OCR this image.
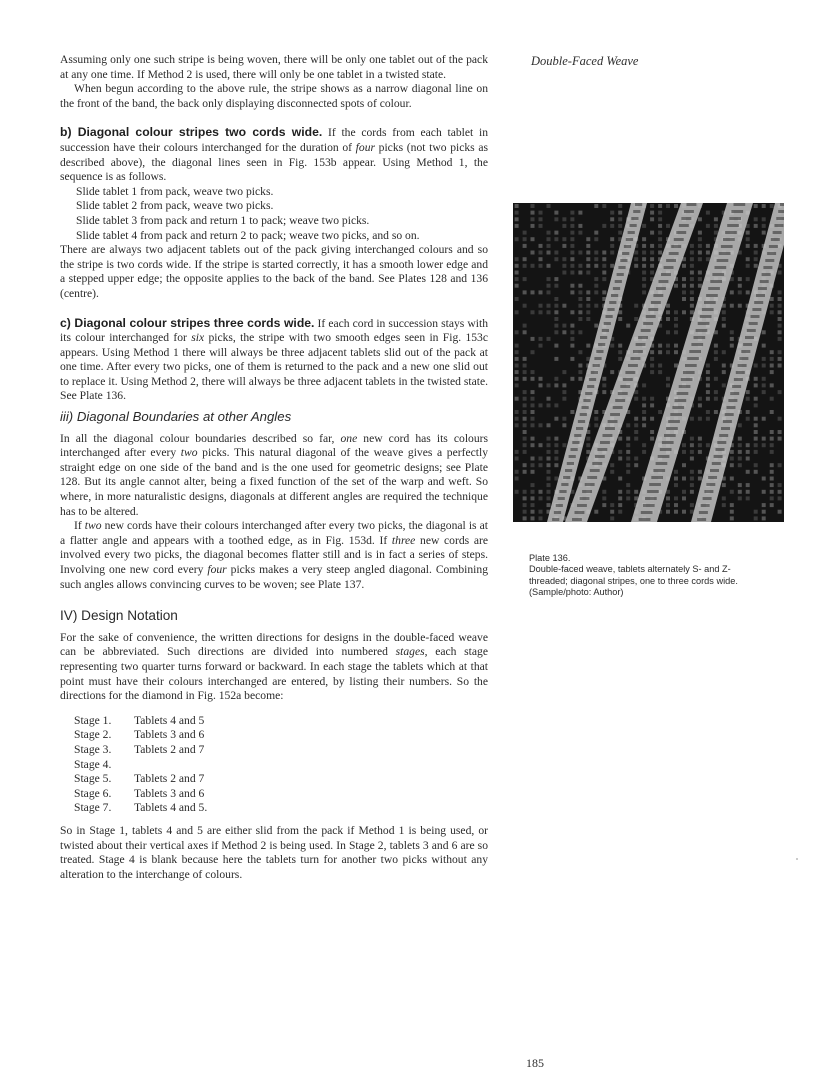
Double-Faced Weave

Assuming only one such stripe is being woven, there will be only one tablet out of the pack at any one time. If Method 2 is used, there will only be one tablet in a twisted state.

When begun according to the above rule, the stripe shows as a narrow diagonal line on the front of the band, the back only displaying disconnected spots of colour.

b) Diagonal colour stripes two cords wide. If the cords from each tablet in succession have their colours interchanged for the duration of four picks (not two picks as described above), the diagonal lines seen in Fig. 153b appear. Using Method 1, the sequence is as follows.

Slide tablet 1 from pack, weave two picks.
Slide tablet 2 from pack, weave two picks.
Slide tablet 3 from pack and return 1 to pack; weave two picks.
Slide tablet 4 from pack and return 2 to pack; weave two picks, and so on.

There are always two adjacent tablets out of the pack giving interchanged colours and so the stripe is two cords wide. If the stripe is started correctly, it has a smooth lower edge and a stepped upper edge; the opposite applies to the back of the band. See Plates 128 and 136 (centre).

c) Diagonal colour stripes three cords wide. If each cord in succession stays with its colour interchanged for six picks, the stripe with two smooth edges seen in Fig. 153c appears. Using Method 1 there will always be three adjacent tablets slid out of the pack at one time. After every two picks, one of them is returned to the pack and a new one slid out to replace it. Using Method 2, there will always be three adjacent tablets in the twisted state. See Plate 136.

iii) Diagonal Boundaries at other Angles

In all the diagonal colour boundaries described so far, one new cord has its colours interchanged after every two picks. This natural diagonal of the weave gives a perfectly straight edge on one side of the band and is the one used for geometric designs; see Plate 128. But its angle cannot alter, being a fixed function of the set of the warp and weft. So where, in more naturalistic designs, diagonals at different angles are required the technique has to be altered.

If two new cords have their colours interchanged after every two picks, the diagonal is at a flatter angle and appears with a toothed edge, as in Fig. 153d. If three new cords are involved every two picks, the diagonal becomes flatter still and is in fact a series of steps. Involving one new cord every four picks makes a very steep angled diagonal. Combining such angles allows convincing curves to be woven; see Plate 137.

IV) Design Notation

For the sake of convenience, the written directions for designs in the double-faced weave can be abbreviated. Such directions are divided into numbered stages, each stage representing two quarter turns forward or backward. In each stage the tablets which at that point must have their colours interchanged are entered, by listing their numbers. So the directions for the diamond in Fig. 152a become:

Stage 1.	Tablets 4 and 5
Stage 2.	Tablets 3 and 6
Stage 3.	Tablets 2 and 7
Stage 4.	
Stage 5.	Tablets 2 and 7
Stage 6.	Tablets 3 and 6
Stage 7.	Tablets 4 and 5.

So in Stage 1, tablets 4 and 5 are either slid from the pack if Method 1 is being used, or twisted about their vertical axes if Method 2 is being used. In Stage 2, tablets 3 and 6 are so treated. Stage 4 is blank because here the tablets turn for another two picks without any alteration to the interchange of colours.

Plate 136.
Double-faced weave, tablets alternately S- and Z-threaded; diagonal stripes, one to three cords wide. (Sample/photo: Author)
185
